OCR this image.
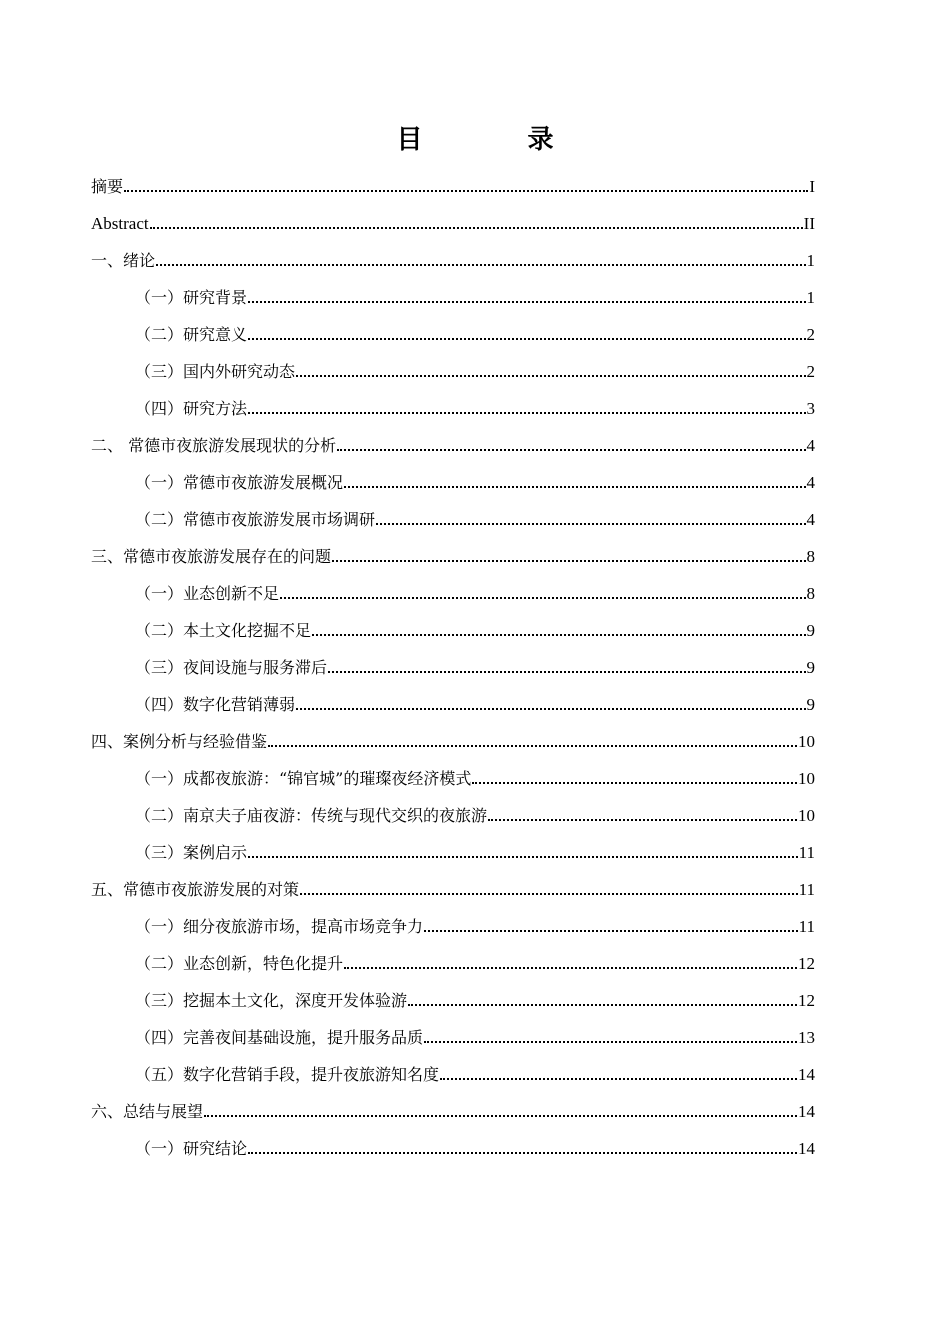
目 录
摘要	I
Abstract	II
一、绪论	1
（一）研究背景	1
（二）研究意义	2
（三）国内外研究动态	2
（四）研究方法	3
二、 常德市夜旅游发展现状的分析	4
（一）常德市夜旅游发展概况	4
（二）常德市夜旅游发展市场调研	4
三、常德市夜旅游发展存在的问题	8
（一）业态创新不足	8
（二）本土文化挖掘不足	9
（三）夜间设施与服务滞后	9
（四）数字化营销薄弱	9
四、案例分析与经验借鉴	10
（一）成都夜旅游：“锦官城”的璀璨夜经济模式	10
（二）南京夫子庙夜游：传统与现代交织的夜旅游	10
（三）案例启示	11
五、常德市夜旅游发展的对策	11
（一）细分夜旅游市场，提高市场竞争力	11
（二）业态创新，特色化提升	12
（三）挖掘本土文化，深度开发体验游	12
（四）完善夜间基础设施，提升服务品质	13
（五）数字化营销手段，提升夜旅游知名度	14
六、总结与展望	14
（一）研究结论	14
